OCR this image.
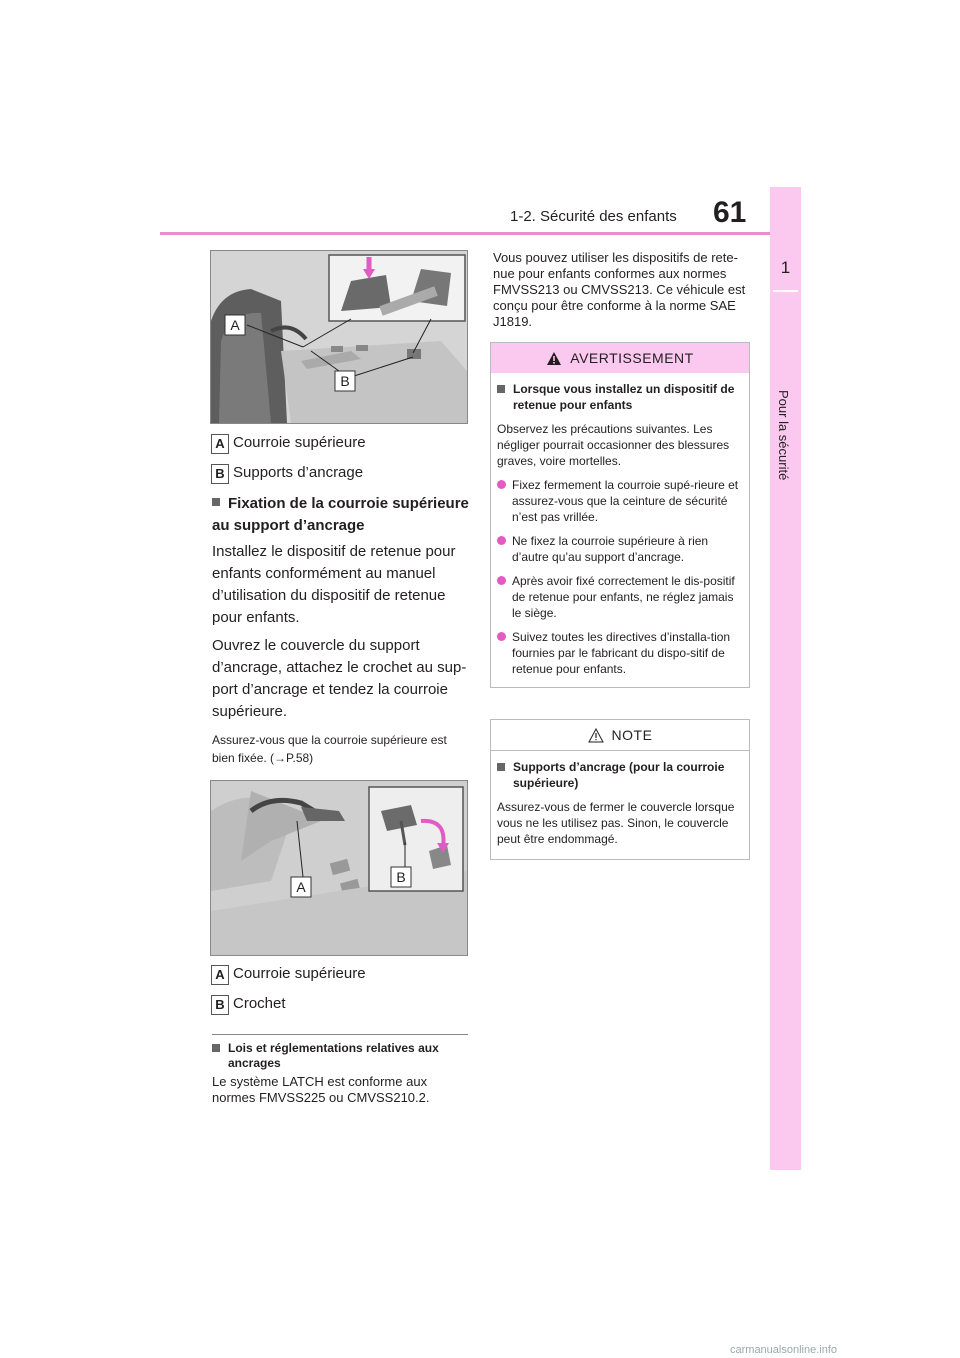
1-2. Sécurité des enfants 61
1
Pour la sécurité
A
B
A Courroie supérieure
B Supports d’ancrage
Fixation de la courroie supérieure au support d’ancrage
Installez le dispositif de retenue pour enfants conformément au manuel d’utilisation du dispositif de retenue pour enfants.
Ouvrez le couvercle du support d’ancrage, attachez le crochet au sup-port d’ancrage et tendez la courroie supérieure.
Assurez-vous que la courroie supérieure est bien fixée. (→P.58)
A
B
A Courroie supérieure
B Crochet
Lois et réglementations relatives aux ancrages
Le système LATCH est conforme aux normes FMVSS225 ou CMVSS210.2.
Vous pouvez utiliser les dispositifs de rete-nue pour enfants conformes aux normes FMVSS213 ou CMVSS213. Ce véhicule est conçu pour être conforme à la norme SAE J1819.
AVERTISSEMENT
Lorsque vous installez un dispositif de retenue pour enfants
Observez les précautions suivantes. Les négliger pourrait occasionner des blessures graves, voire mortelles.
Fixez fermement la courroie supé-rieure et assurez-vous que la ceinture de sécurité n’est pas vrillée.
Ne fixez la courroie supérieure à rien d’autre qu’au support d’ancrage.
Après avoir fixé correctement le dis-positif de retenue pour enfants, ne réglez jamais le siège.
Suivez toutes les directives d’installa-tion fournies par le fabricant du dispo-sitif de retenue pour enfants.
NOTE
Supports d’ancrage (pour la courroie supérieure)
Assurez-vous de fermer le couvercle lorsque vous ne les utilisez pas. Sinon, le couvercle peut être endommagé.
carmanualsonline.info
